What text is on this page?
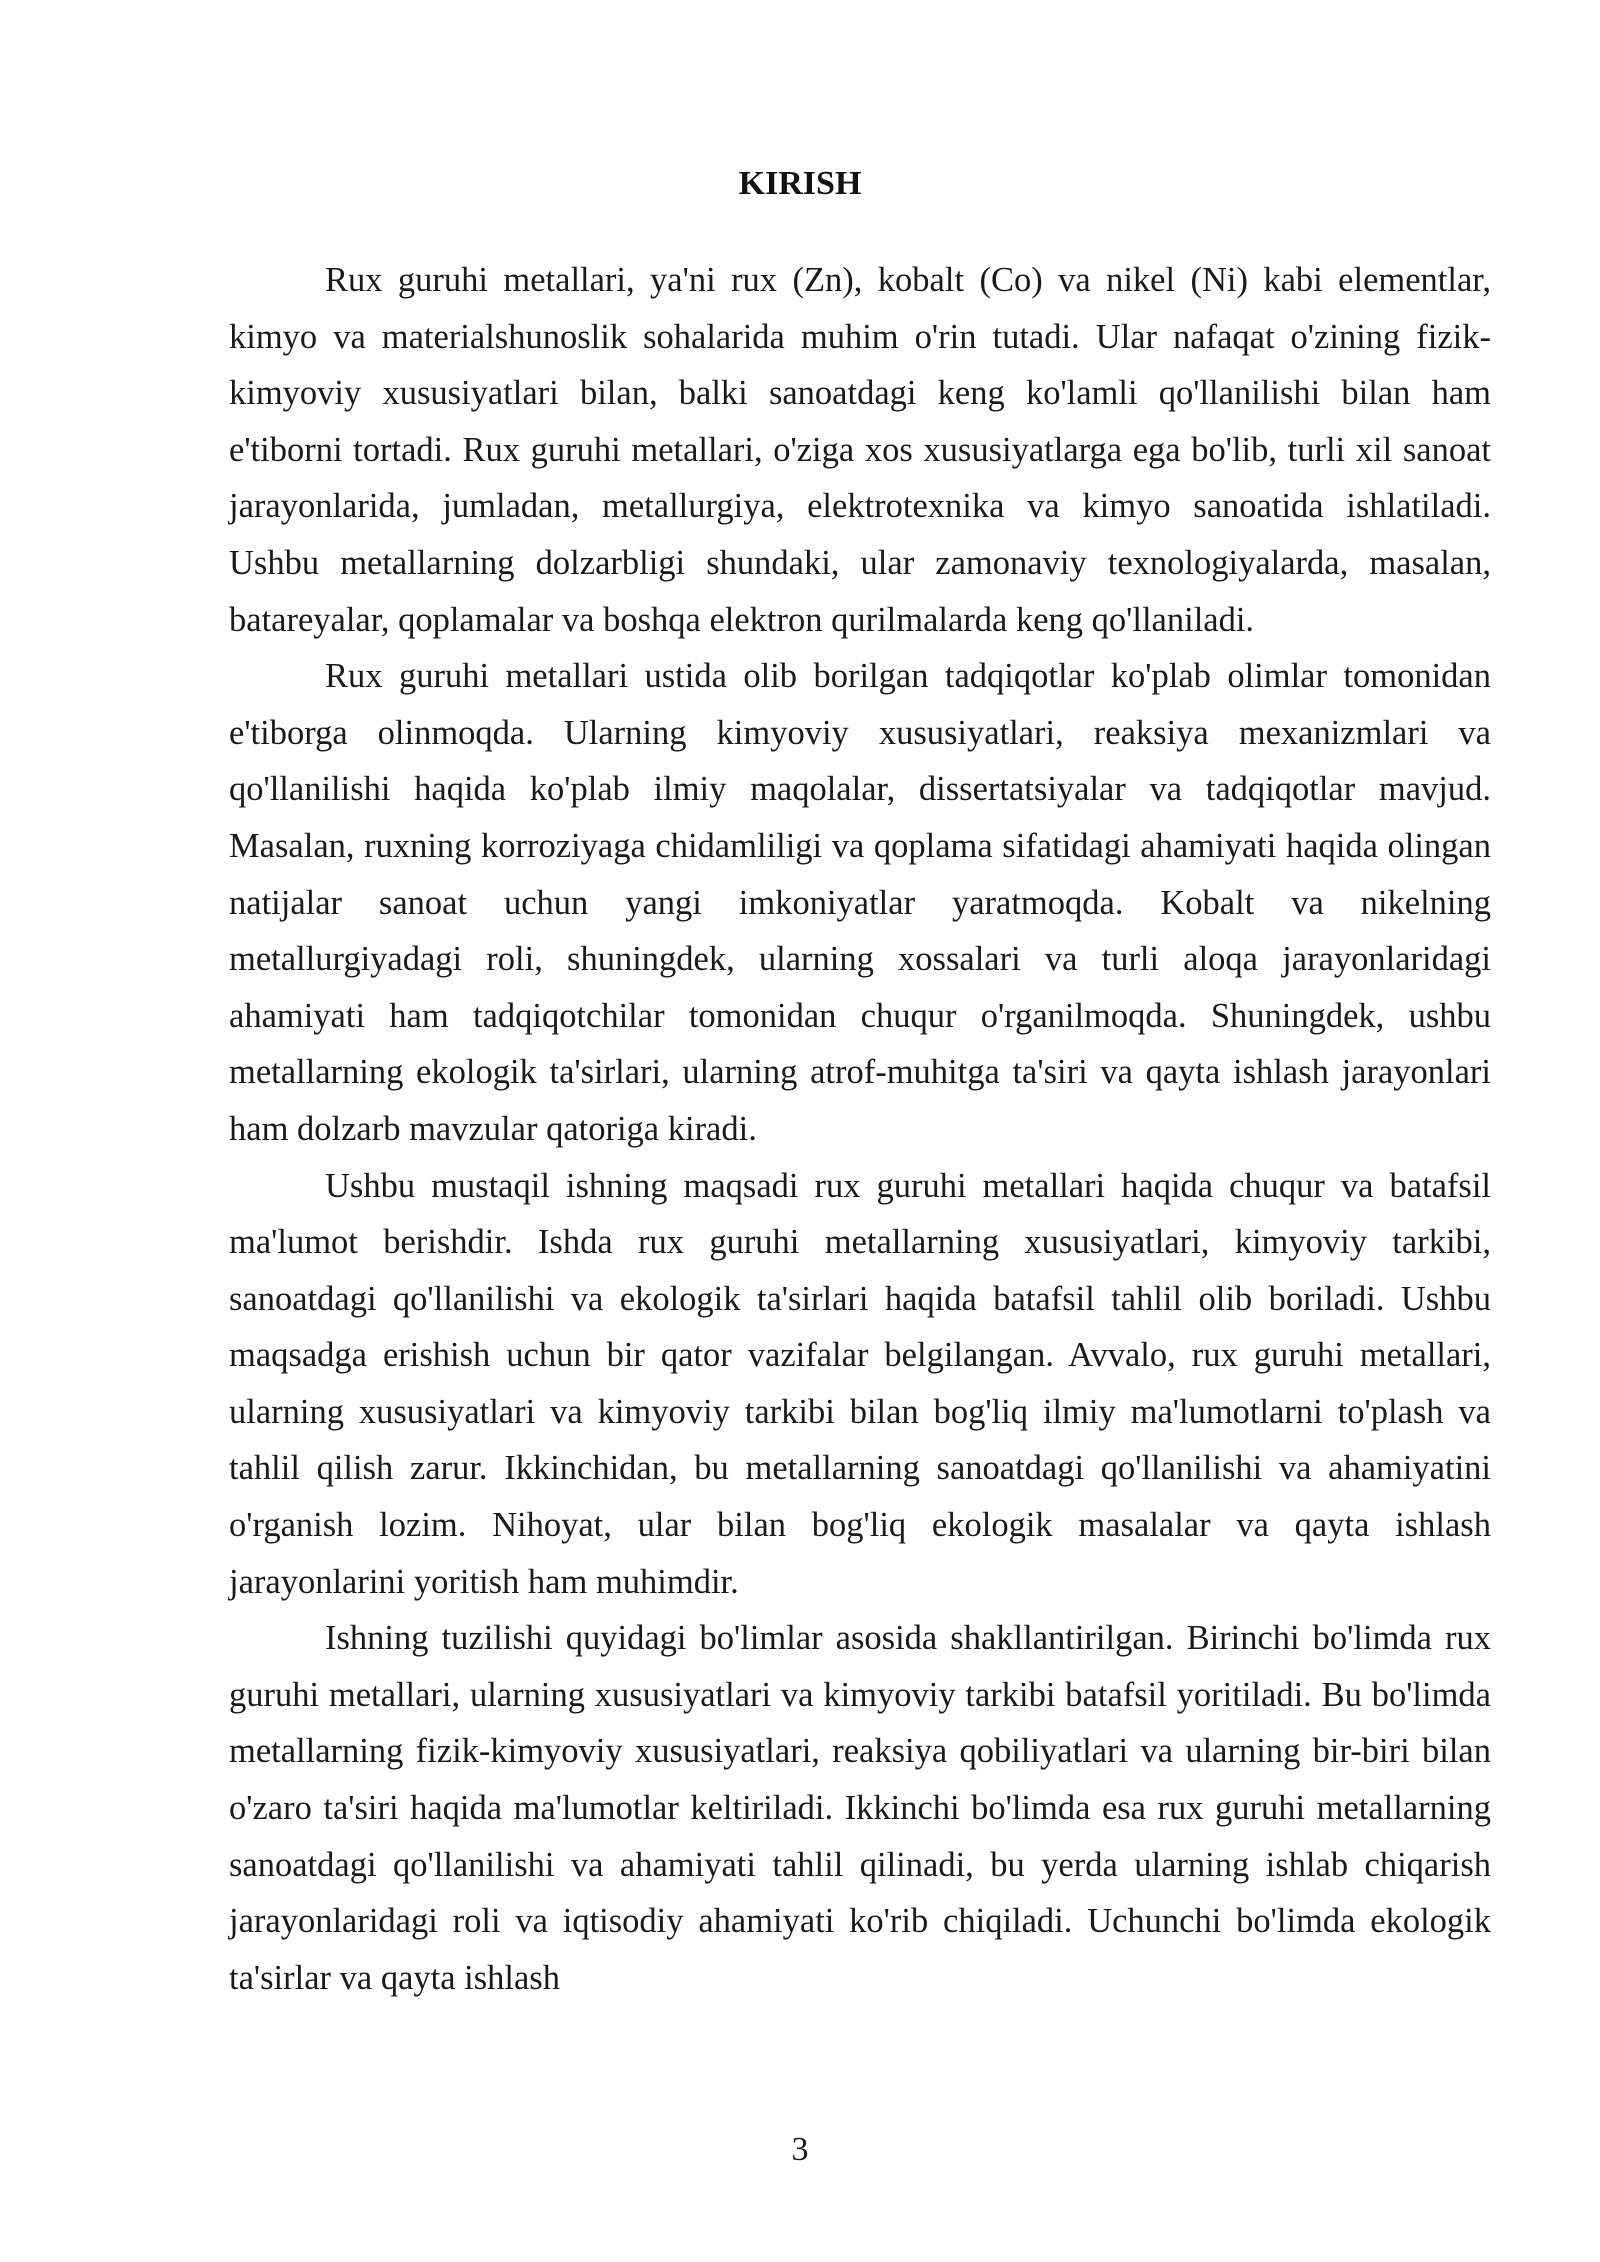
KIRISH

Rux guruhi metallari, ya'ni rux (Zn), kobalt (Co) va nikel (Ni) kabi elementlar, kimyo va materialshunoslik sohalarida muhim o'rin tutadi. Ular nafaqat o'zining fizik-kimyoviy xususiyatlari bilan, balki sanoatdagi keng ko'lamli qo'llanilishi bilan ham e'tiborni tortadi. Rux guruhi metallari, o'ziga xos xususiyatlarga ega bo'lib, turli xil sanoat jarayonlarida, jumladan, metallurgiya, elektrotexnika va kimyo sanoatida ishlatiladi. Ushbu metallarning dolzarbligi shundaki, ular zamonaviy texnologiyalarda, masalan, batareyalar, qoplamalar va boshqa elektron qurilmalarda keng qo'llaniladi.

Rux guruhi metallari ustida olib borilgan tadqiqotlar ko'plab olimlar tomonidan e'tiborga olinmoqda. Ularning kimyoviy xususiyatlari, reaksiya mexanizmlari va qo'llanilishi haqida ko'plab ilmiy maqolalar, dissertatsiyalar va tadqiqotlar mavjud. Masalan, ruxning korroziyaga chidamliligi va qoplama sifatidagi ahamiyati haqida olingan natijalar sanoat uchun yangi imkoniyatlar yaratmoqda. Kobalt va nikelning metallurgiyadagi roli, shuningdek, ularning xossalari va turli aloqa jarayonlaridagi ahamiyati ham tadqiqotchilar tomonidan chuqur o'rganilmoqda. Shuningdek, ushbu metallarning ekologik ta'sirlari, ularning atrof-muhitga ta'siri va qayta ishlash jarayonlari ham dolzarb mavzular qatoriga kiradi.

Ushbu mustaqil ishning maqsadi rux guruhi metallari haqida chuqur va batafsil ma'lumot berishdir. Ishda rux guruhi metallarning xususiyatlari, kimyoviy tarkibi, sanoatdagi qo'llanilishi va ekologik ta'sirlari haqida batafsil tahlil olib boriladi. Ushbu maqsadga erishish uchun bir qator vazifalar belgilangan. Avvalo, rux guruhi metallari, ularning xususiyatlari va kimyoviy tarkibi bilan bog'liq ilmiy ma'lumotlarni to'plash va tahlil qilish zarur. Ikkinchidan, bu metallarning sanoatdagi qo'llanilishi va ahamiyatini o'rganish lozim. Nihoyat, ular bilan bog'liq ekologik masalalar va qayta ishlash jarayonlarini yoritish ham muhimdir.

Ishning tuzilishi quyidagi bo'limlar asosida shakllantirilgan. Birinchi bo'limda rux guruhi metallari, ularning xususiyatlari va kimyoviy tarkibi batafsil yoritiladi. Bu bo'limda metallarning fizik-kimyoviy xususiyatlari, reaksiya qobiliyatlari va ularning bir-biri bilan o'zaro ta'siri haqida ma'lumotlar keltiriladi. Ikkinchi bo'limda esa rux guruhi metallarning sanoatdagi qo'llanilishi va ahamiyati tahlil qilinadi, bu yerda ularning ishlab chiqarish jarayonlaridagi roli va iqtisodiy ahamiyati ko'rib chiqiladi. Uchunchi bo'limda ekologik ta'sirlar va qayta ishlash

3
